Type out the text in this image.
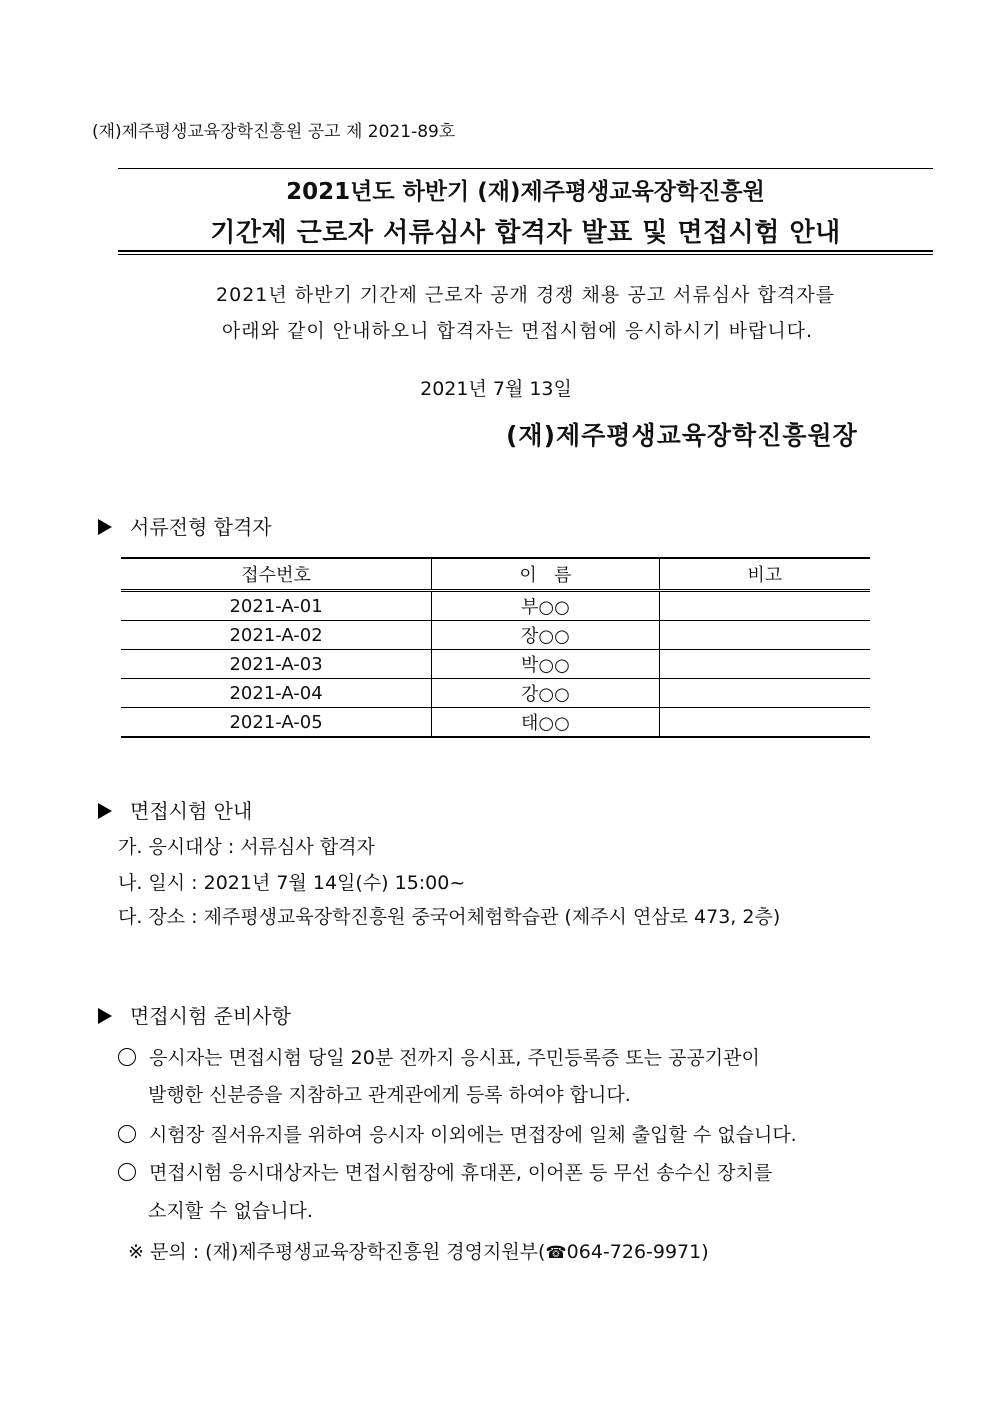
(재)제주평생교육장학진흥원 공고 제 2021-89호
2021년도 하반기 (재)제주평생교육장학진흥원
기간제 근로자 서류심사 합격자 발표 및 면접시험 안내
2021년 하반기 기간제 근로자 공개 경쟁 채용 공고 서류심사 합격자를
아래와 같이 안내하오니 합격자는 면접시험에 응시하시기 바랍니다.
2021년 7월 13일
(재)제주평생교육장학진흥원장
서류전형 합격자
접수번호	이   름	비고
2021-A-01	부○○	
2021-A-02	장○○	
2021-A-03	박○○	
2021-A-04	강○○	
2021-A-05	태○○	
면접시험 안내
가. 응시대상 : 서류심사 합격자
나. 일시 : 2021년 7월 14일(수) 15:00~
다. 장소 : 제주평생교육장학진흥원 중국어체험학습관 (제주시 연삼로 473, 2층)
면접시험 준비사항
응시자는 면접시험 당일 20분 전까지 응시표, 주민등록증 또는 공공기관이
발행한 신분증을 지참하고 관계관에게 등록 하여야 합니다.
시험장 질서유지를 위하여 응시자 이외에는 면접장에 일체 출입할 수 없습니다.
면접시험 응시대상자는 면접시험장에 휴대폰, 이어폰 등 무선 송수신 장치를
소지할 수 없습니다.
※ 문의 : (재)제주평생교육장학진흥원 경영지원부(☎064-726-9971)
